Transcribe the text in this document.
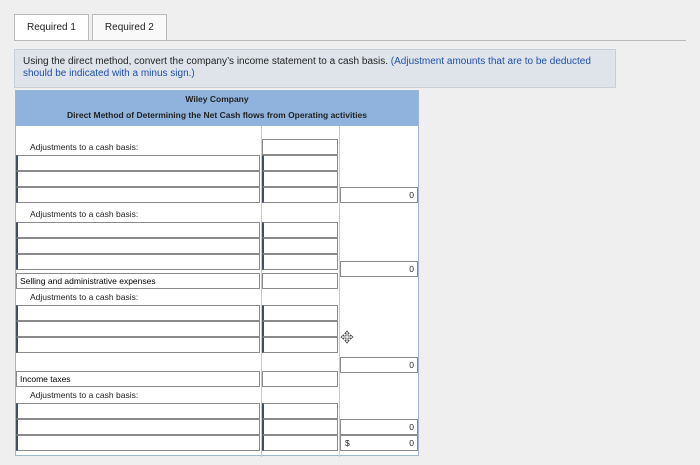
Required 1	Required 2
Using the direct method, convert the company’s income statement to a cash basis. (Adjustment amounts that are to be deducted should be indicated with a minus sign.)
Wiley Company
Direct Method of Determining the Net Cash flows from Operating activities
Adjustments to a cash basis:
0
Adjustments to a cash basis:
0
Selling and administrative expenses
Adjustments to a cash basis:
0
Income taxes
Adjustments to a cash basis:
0
$	0
